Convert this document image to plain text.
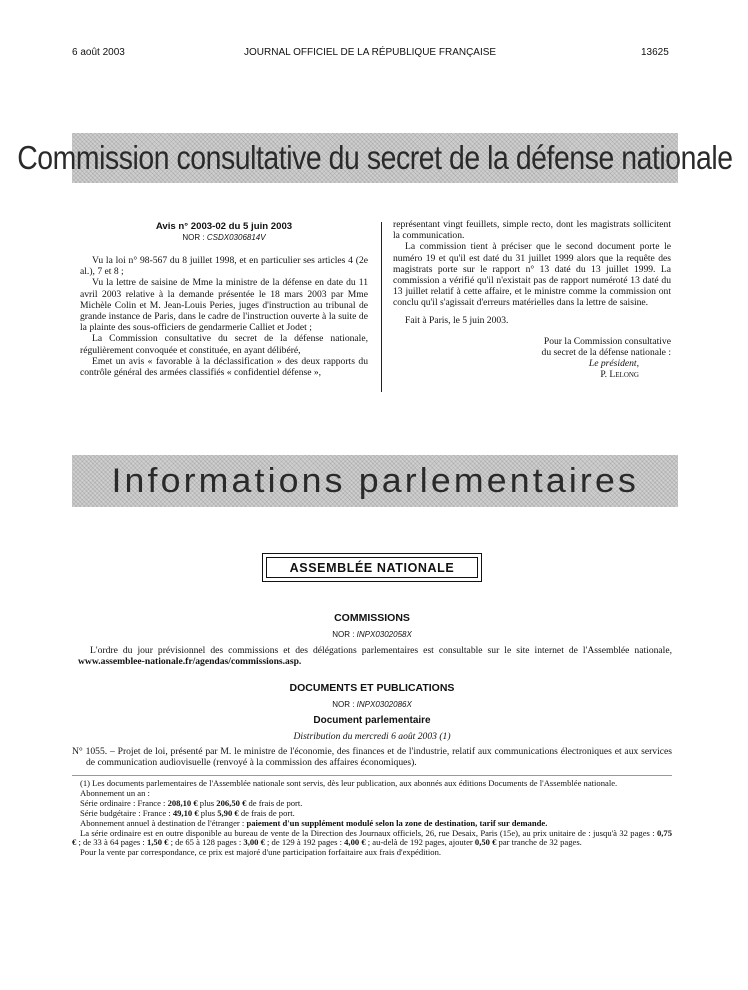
6 août 2003	JOURNAL OFFICIEL DE LA RÉPUBLIQUE FRANÇAISE	13625
Commission consultative du secret de la défense nationale
Avis n° 2003-02 du 5 juin 2003
NOR : CSDX0306814V

Vu la loi n° 98-567 du 8 juillet 1998, et en particulier ses articles 4 (2e al.), 7 et 8 ;

Vu la lettre de saisine de Mme la ministre de la défense en date du 11 avril 2003 relative à la demande présentée le 18 mars 2003 par Mme Michèle Colin et M. Jean-Louis Peries, juges d'instruction au tribunal de grande instance de Paris, dans le cadre de l'instruction ouverte à la suite de la plainte des sous-officiers de gendarmerie Calliet et Jodet ;

La Commission consultative du secret de la défense nationale, régulièrement convoquée et constituée, en ayant délibéré,

Emet un avis « favorable à la déclassification » des deux rapports du contrôle général des armées classifiés « confidentiel défense »,

représentant vingt feuillets, simple recto, dont les magistrats sollicitent la communication.

La commission tient à préciser que le second document porte le numéro 19 et qu'il est daté du 31 juillet 1999 alors que la requête des magistrats porte sur le rapport n° 13 daté du 13 juillet 1999. La commission a vérifié qu'il n'existait pas de rapport numéroté 13 daté du 13 juillet relatif à cette affaire, et le ministre comme la commission ont conclu qu'il s'agissait d'erreurs matérielles dans la lettre de saisine.

Fait à Paris, le 5 juin 2003.

Pour la Commission consultative
du secret de la défense nationale :
Le président,
P. Lelong
Informations parlementaires
ASSEMBLÉE NATIONALE
COMMISSIONS
NOR : INPX0302058X

L'ordre du jour prévisionnel des commissions et des délégations parlementaires est consultable sur le site internet de l'Assemblée nationale, www.assemblee-nationale.fr/agendas/commissions.asp.

DOCUMENTS ET PUBLICATIONS
NOR : INPX0302086X
Document parlementaire
Distribution du mercredi 6 août 2003 (1)

N° 1055. – Projet de loi, présenté par M. le ministre de l'économie, des finances et de l'industrie, relatif aux communications électroniques et aux services de communication audiovisuelle (renvoyé à la commission des affaires économiques).

(1) Les documents parlementaires de l'Assemblée nationale sont servis, dès leur publication, aux abonnés aux éditions Documents de l'Assemblée nationale.

Abonnement un an :

Série ordinaire : France : 208,10 € plus 206,50 € de frais de port.

Série budgétaire : France : 49,10 € plus 5,90 € de frais de port.

Abonnement annuel à destination de l'étranger : paiement d'un supplément modulé selon la zone de destination, tarif sur demande.

La série ordinaire est en outre disponible au bureau de vente de la Direction des Journaux officiels, 26, rue Desaix, Paris (15e), au prix unitaire de : jusqu'à 32 pages : 0,75 € ; de 33 à 64 pages : 1,50 € ; de 65 à 128 pages : 3,00 € ; de 129 à 192 pages : 4,00 € ; au-delà de 192 pages, ajouter 0,50 € par tranche de 32 pages.

Pour la vente par correspondance, ce prix est majoré d'une participation forfaitaire aux frais d'expédition.
